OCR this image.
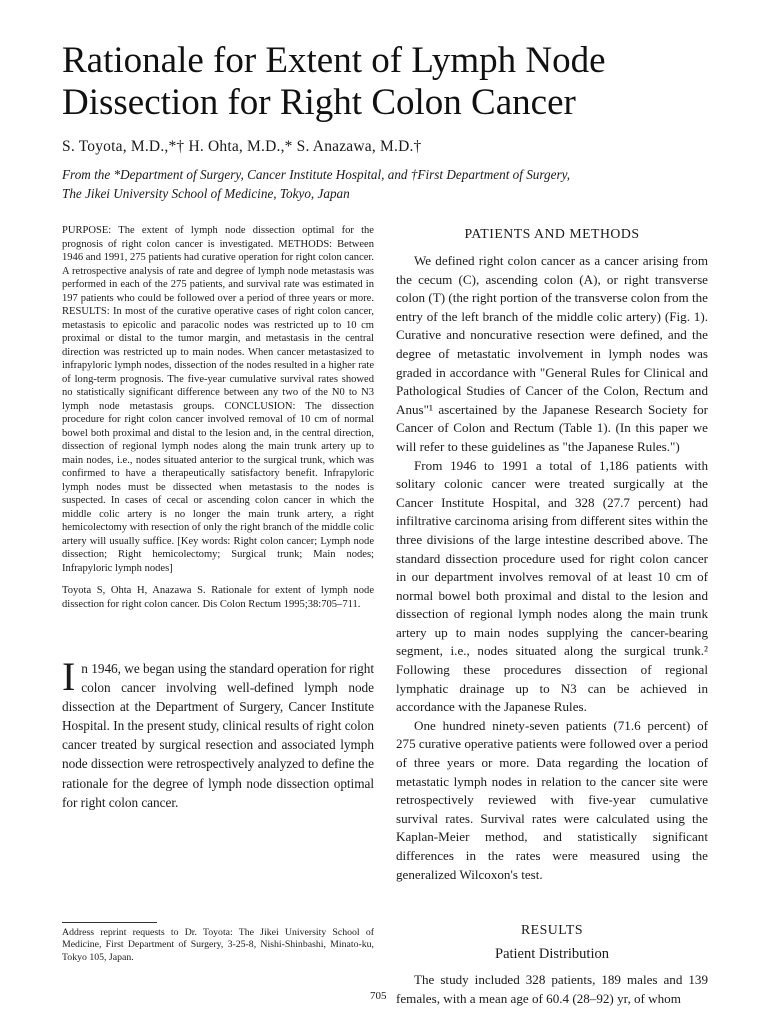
Rationale for Extent of Lymph Node
Dissection for Right Colon Cancer
S. Toyota, M.D.,*† H. Ohta, M.D.,* S. Anazawa, M.D.†
From the *Department of Surgery, Cancer Institute Hospital, and †First Department of Surgery,
The Jikei University School of Medicine, Tokyo, Japan

PURPOSE: The extent of lymph node dissection optimal for the prognosis of right colon cancer is investigated. METHODS: Between 1946 and 1991, 275 patients had curative operation for right colon cancer. A retrospective analysis of rate and degree of lymph node metastasis was performed in each of the 275 patients, and survival rate was estimated in 197 patients who could be followed over a period of three years or more. RESULTS: In most of the curative operative cases of right colon cancer, metastasis to epicolic and paracolic nodes was restricted up to 10 cm proximal or distal to the tumor margin, and metastasis in the central direction was restricted up to main nodes. When cancer metastasized to infrapyloric lymph nodes, dissection of the nodes resulted in a higher rate of long-term prognosis. The five-year cumulative survival rates showed no statistically significant difference between any two of the N0 to N3 lymph node metastasis groups. CONCLUSION: The dissection procedure for right colon cancer involved removal of 10 cm of normal bowel both proximal and distal to the lesion and, in the central direction, dissection of regional lymph nodes along the main trunk artery up to main nodes, i.e., nodes situated anterior to the surgical trunk, which was confirmed to have a therapeutically satisfactory benefit. Infrapyloric lymph nodes must be dissected when metastasis to the nodes is suspected. In cases of cecal or ascending colon cancer in which the middle colic artery is no longer the main trunk artery, a right hemicolectomy with resection of only the right branch of the middle colic artery will usually suffice. [Key words: Right colon cancer; Lymph node dissection; Right hemicolectomy; Surgical trunk; Main nodes; Infrapyloric lymph nodes]

Toyota S, Ohta H, Anazawa S. Rationale for extent of lymph node dissection for right colon cancer. Dis Colon Rectum 1995;38:705–711.

I n 1946, we began using the standard operation for right colon cancer involving well-defined lymph node dissection at the Department of Surgery, Cancer Institute Hospital. In the present study, clinical results of right colon cancer treated by surgical resection and associated lymph node dissection were retrospectively analyzed to define the rationale for the degree of lymph node dissection optimal for right colon cancer.
Address reprint requests to Dr. Toyota: The Jikei University School of Medicine, First Department of Surgery, 3-25-8, Nishi-Shinbashi, Minato-ku, Tokyo 105, Japan.
PATIENTS AND METHODS

We defined right colon cancer as a cancer arising from the cecum (C), ascending colon (A), or right transverse colon (T) (the right portion of the transverse colon from the entry of the left branch of the middle colic artery) (Fig. 1). Curative and noncurative resection were defined, and the degree of metastatic involvement in lymph nodes was graded in accordance with "General Rules for Clinical and Pathological Studies of Cancer of the Colon, Rectum and Anus"¹ ascertained by the Japanese Research Society for Cancer of Colon and Rectum (Table 1). (In this paper we will refer to these guidelines as "the Japanese Rules.")

From 1946 to 1991 a total of 1,186 patients with solitary colonic cancer were treated surgically at the Cancer Institute Hospital, and 328 (27.7 percent) had infiltrative carcinoma arising from different sites within the three divisions of the large intestine described above. The standard dissection procedure used for right colon cancer in our department involves removal of at least 10 cm of normal bowel both proximal and distal to the lesion and dissection of regional lymph nodes along the main trunk artery up to main nodes supplying the cancer-bearing segment, i.e., nodes situated along the surgical trunk.² Following these procedures dissection of regional lymphatic drainage up to N3 can be achieved in accordance with the Japanese Rules.

One hundred ninety-seven patients (71.6 percent) of 275 curative operative patients were followed over a period of three years or more. Data regarding the location of metastatic lymph nodes in relation to the cancer site were retrospectively reviewed with five-year cumulative survival rates. Survival rates were calculated using the Kaplan-Meier method, and statistically significant differences in the rates were measured using the generalized Wilcoxon's test.

RESULTS
Patient Distribution

The study included 328 patients, 189 males and 139 females, with a mean age of 60.4 (28–92) yr, of whom

705
